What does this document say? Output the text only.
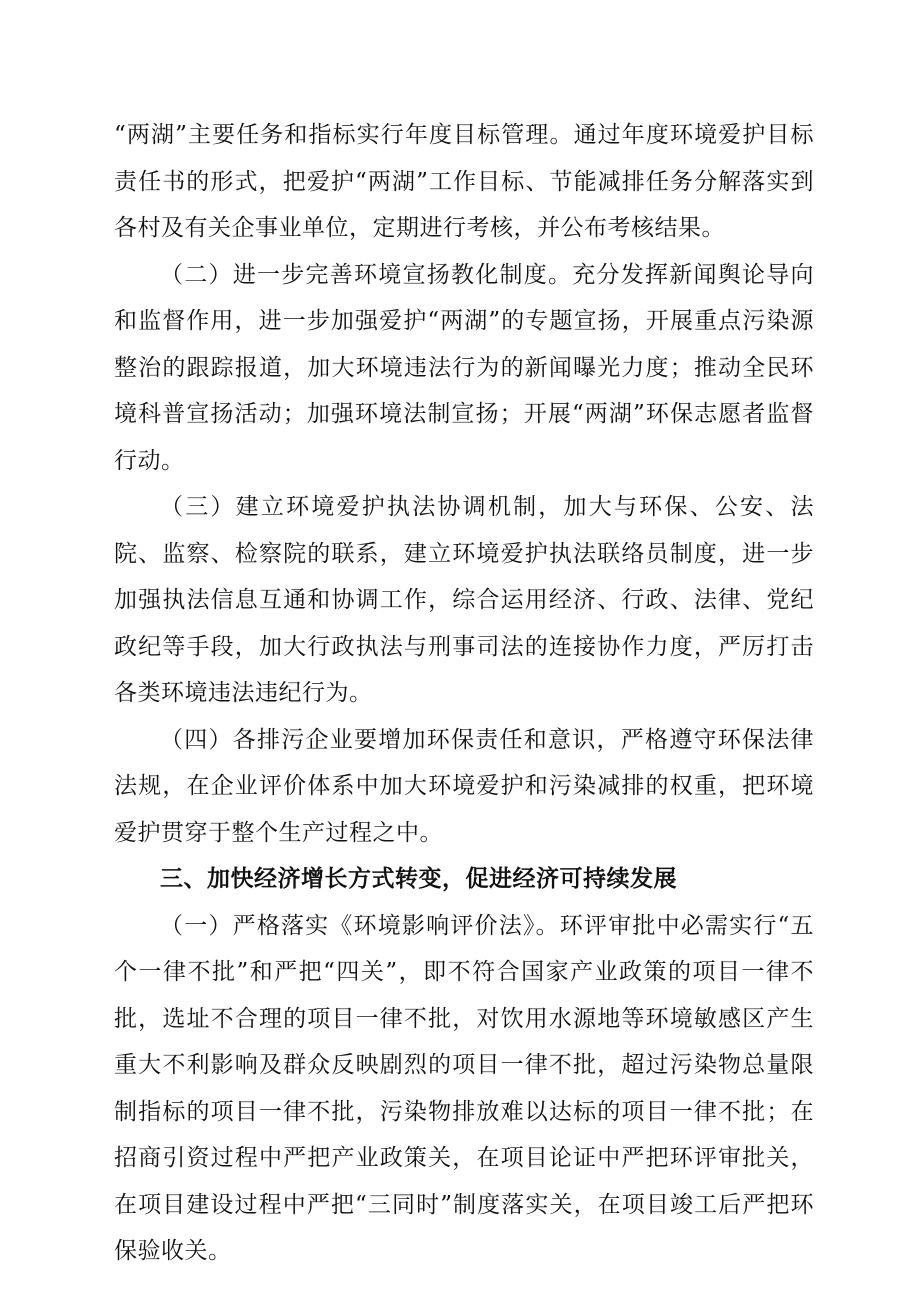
“两湖”主要任务和指标实行年度目标管理。通过年度环境爱护目标责任书的形式，把爱护“两湖”工作目标、节能减排任务分解落实到各村及有关企事业单位，定期进行考核，并公布考核结果。

（二）进一步完善环境宣扬教化制度。充分发挥新闻舆论导向和监督作用，进一步加强爱护“两湖”的专题宣扬，开展重点污染源整治的跟踪报道，加大环境违法行为的新闻曝光力度；推动全民环境科普宣扬活动；加强环境法制宣扬；开展“两湖”环保志愿者监督行动。

（三）建立环境爱护执法协调机制，加大与环保、公安、法院、监察、检察院的联系，建立环境爱护执法联络员制度，进一步加强执法信息互通和协调工作，综合运用经济、行政、法律、党纪政纪等手段，加大行政执法与刑事司法的连接协作力度，严厉打击各类环境违法违纪行为。

（四）各排污企业要增加环保责任和意识，严格遵守环保法律法规，在企业评价体系中加大环境爱护和污染减排的权重，把环境爱护贯穿于整个生产过程之中。

三、加快经济增长方式转变，促进经济可持续发展

（一）严格落实《环境影响评价法》。环评审批中必需实行“五个一律不批”和严把“四关”，即不符合国家产业政策的项目一律不批，选址不合理的项目一律不批，对饮用水源地等环境敏感区产生重大不利影响及群众反映剧烈的项目一律不批，超过污染物总量限制指标的项目一律不批，污染物排放难以达标的项目一律不批；在招商引资过程中严把产业政策关，在项目论证中严把环评审批关，在项目建设过程中严把“三同时”制度落实关，在项目竣工后严把环保验收关。
